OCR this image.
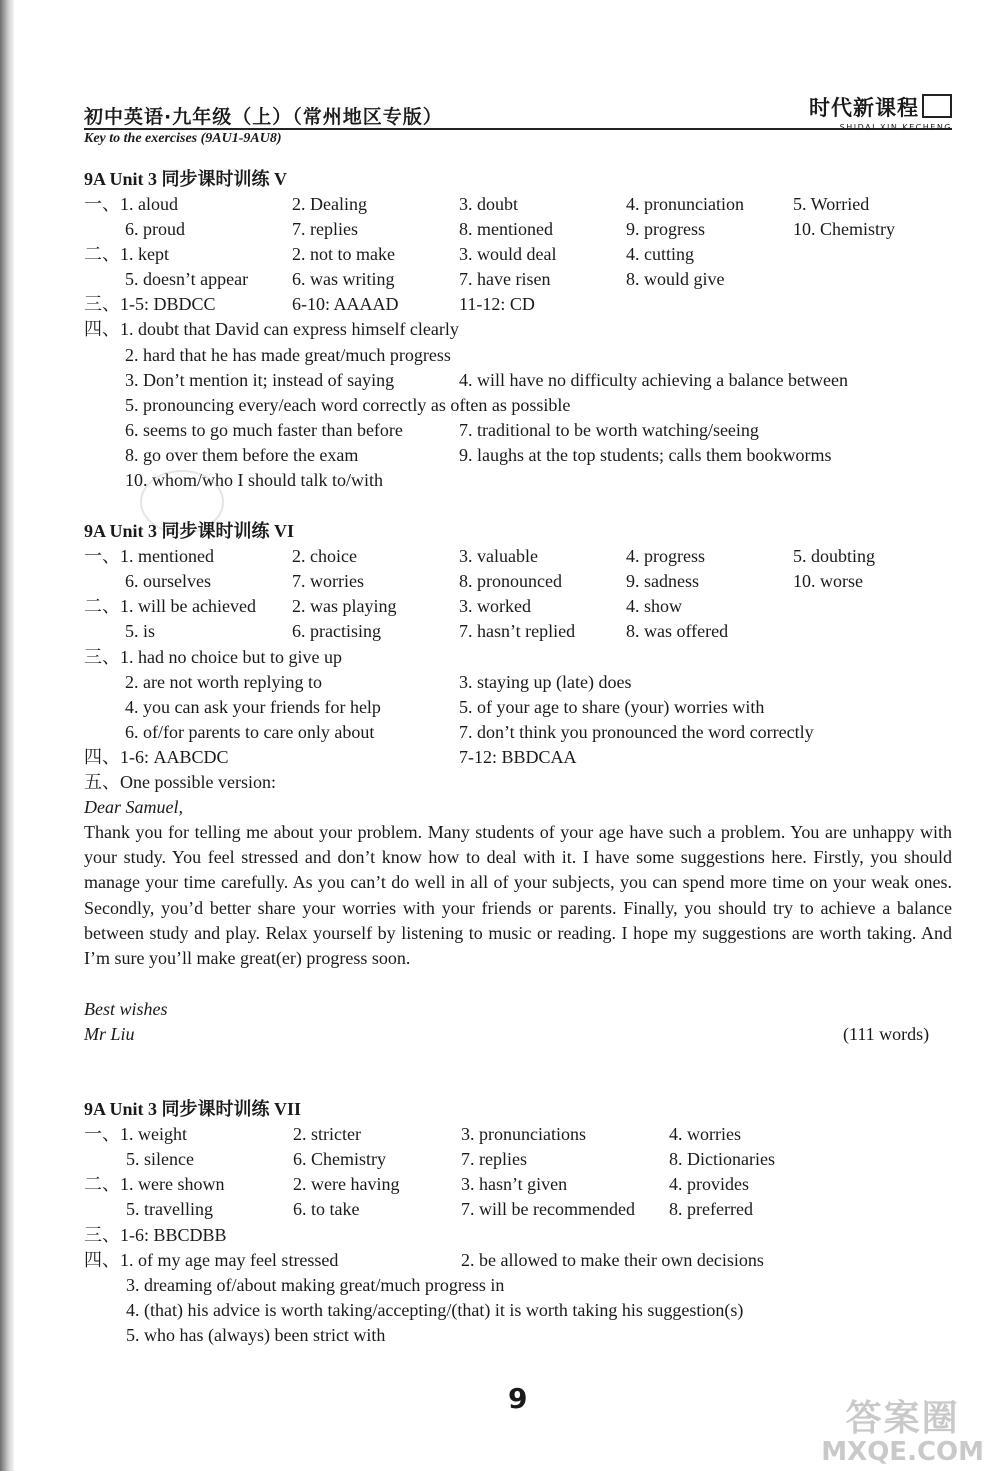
初中英语·九年级（上）（常州地区专版）
Key to the exercises (9AU1-9AU8)
时代新课程
SHIDAI XIN KECHENG
9A Unit 3 同步课时训练 V
一、1. aloud	2. Dealing	3. doubt	4. pronunciation	5. Worried
6. proud	7. replies	8. mentioned	9. progress	10. Chemistry
二、1. kept	2. not to make	3. would deal	4. cutting
5. doesn’t appear 6. was writing	7. have risen	8. would give
三、1-5: DBDCC	6-10: AAAAD	11-12: CD
四、1. doubt that David can express himself clearly
2. hard that he has made great/much progress
3. Don’t mention it; instead of saying	4. will have no difficulty achieving a balance between
5. pronouncing every/each word correctly as often as possible
6. seems to go much faster than before	7. traditional to be worth watching/seeing
8. go over them before the exam	9. laughs at the top students; calls them bookworms
10. whom/who I should talk to/with
9A Unit 3 同步课时训练 VI
一、1. mentioned	2. choice	3. valuable	4. progress	5. doubting
6. ourselves	7. worries	8. pronounced	9. sadness	10. worse
二、1. will be achieved 2. was playing	3. worked	4. show
5. is	6. practising	7. hasn’t replied	8. was offered
三、1. had no choice but to give up
2. are not worth replying to	3. staying up (late) does
4. you can ask your friends for help	5. of your age to share (your) worries with
6. of/for parents to care only about	7. don’t think you pronounced the word correctly
四、1-6: AABCDC	7-12: BBDCAA
五、One possible version:
Dear Samuel,
Thank you for telling me about your problem. Many students of your age have such a problem. You are unhappy with your study. You feel stressed and don’t know how to deal with it. I have some suggestions here. Firstly, you should manage your time carefully. As you can’t do well in all of your subjects, you can spend more time on your weak ones. Secondly, you’d better share your worries with your friends or parents. Finally, you should try to achieve a balance between study and play. Relax yourself by listening to music or reading. I hope my suggestions are worth taking. And I’m sure you’ll make great(er) progress soon.
Best wishes
Mr Liu	(111 words)
9A Unit 3 同步课时训练 VII
一、1. weight	2. stricter	3. pronunciations	4. worries
5. silence	6. Chemistry	7. replies	8. Dictionaries
二、1. were shown	2. were having	3. hasn’t given	4. provides
5. travelling	6. to take	7. will be recommended 8. preferred
三、1-6: BBCDBB
四、1. of my age may feel stressed	2. be allowed to make their own decisions
3. dreaming of/about making great/much progress in
4. (that) his advice is worth taking/accepting/(that) it is worth taking his suggestion(s)
5. who has (always) been strict with
9	答案圈
MXQE.COM
